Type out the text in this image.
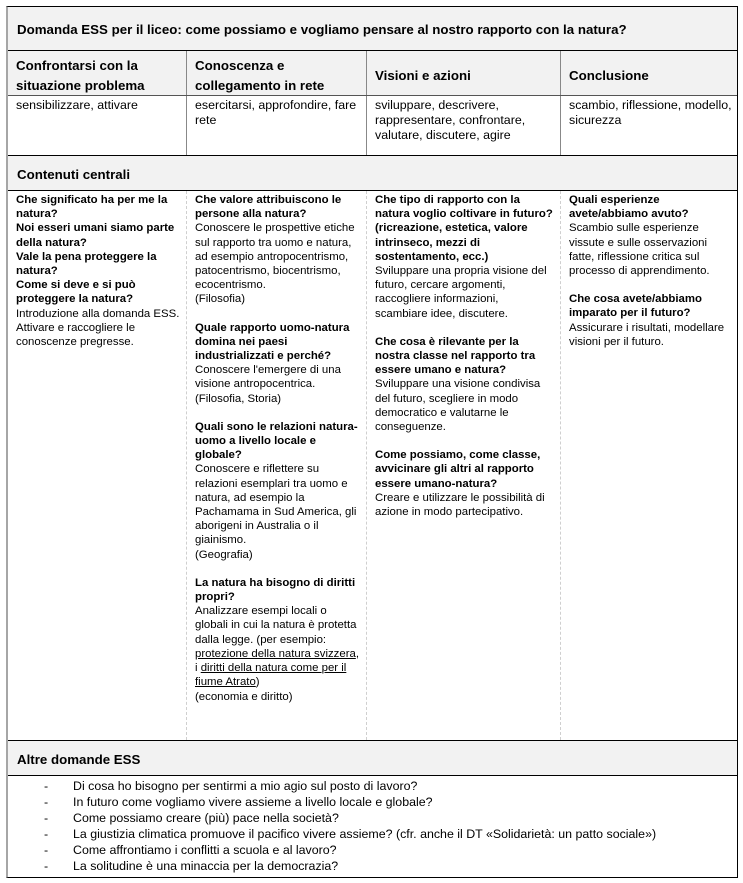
Domanda ESS per il liceo: come possiamo e vogliamo pensare al nostro rapporto con la natura?
Confrontarsi con la situazione problema
Conoscenza e collegamento in rete
Visioni e azioni	Conclusione
sensibilizzare, attivare	esercitarsi, approfondire, fare rete
sviluppare, descrivere, rappresentare, confrontare, valutare, discutere, agire
scambio, riflessione, modello, sicurezza
Contenuti centrali
Che significato ha per me la natura?
Noi esseri umani siamo parte della natura?
Vale la pena proteggere la natura?
Come si deve e si può proteggere la natura?
Introduzione alla domanda ESS.
Attivare e raccogliere le conoscenze pregresse.
Che valore attribuiscono le persone alla natura?
Conoscere le prospettive etiche sul rapporto tra uomo e natura, ad esempio antropocentrismo, patocentrismo, biocentrismo, ecocentrismo.
(Filosofia)
Quale rapporto uomo-natura domina nei paesi industrializzati e perché?
Conoscere l'emergere di una visione antropocentrica.
(Filosofia, Storia)
Quali sono le relazioni natura-uomo a livello locale e globale?
Conoscere e riflettere su relazioni esemplari tra uomo e natura, ad esempio la Pachamama in Sud America, gli aborigeni in Australia o il giainismo.
(Geografia)
La natura ha bisogno di diritti propri?
Analizzare esempi locali o globali in cui la natura è protetta dalla legge. (per esempio: protezione della natura svizzera, i diritti della natura come per il fiume Atrato)
(economia e diritto)
Che tipo di rapporto con la natura voglio coltivare in futuro? (ricreazione, estetica, valore intrinseco, mezzi di sostentamento, ecc.)
Sviluppare una propria visione del futuro, cercare argomenti, raccogliere informazioni, scambiare idee, discutere.
Che cosa è rilevante per la nostra classe nel rapporto tra essere umano e natura?
Sviluppare una visione condivisa del futuro, scegliere in modo democratico e valutarne le conseguenze.
Come possiamo, come classe, avvicinare gli altri al rapporto essere umano-natura?
Creare e utilizzare le possibilità di azione in modo partecipativo.
Quali esperienze avete/abbiamo avuto?
Scambio sulle esperienze vissute e sulle osservazioni fatte, riflessione critica sul processo di apprendimento.
Che cosa avete/abbiamo imparato per il futuro?
Assicurare i risultati, modellare visioni per il futuro.
Altre domande ESS
- Di cosa ho bisogno per sentirmi a mio agio sul posto di lavoro?
- In futuro come vogliamo vivere assieme a livello locale e globale?
- Come possiamo creare (più) pace nella società?
- La giustizia climatica promuove il pacifico vivere assieme? (cfr. anche il DT «Solidarietà: un patto sociale»)
- Come affrontiamo i conflitti a scuola e al lavoro?
- La solitudine è una minaccia per la democrazia?
